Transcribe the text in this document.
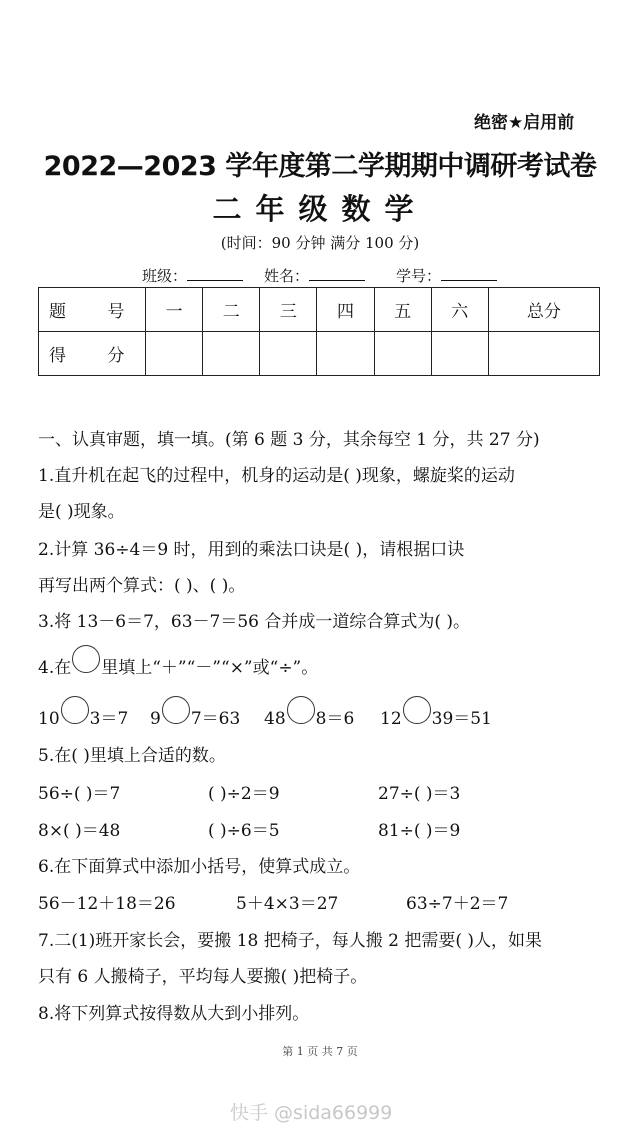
绝密★启用前
2022—2023 学年度第二学期期中调研考试卷
二年级数学
(时间：90 分钟 满分 100 分)
班级：	姓名：	学号：
题 号	一	二	三	四	五	六	总分
得 分							
一、认真审题，填一填。(第 6 题 3 分，其余每空 1 分，共 27 分)
1.直升机在起飞的过程中，机身的运动是( )现象，螺旋桨的运动
是( )现象。
2.计算 36÷4＝9 时，用到的乘法口诀是( )，请根据口诀
再写出两个算式：( )、( )。
3.将 13－6＝7，63－7＝56 合并成一道综合算式为( )。
4.在 里填上“＋”“－”“×”或“÷”。
10 3＝7 9 7＝63 48 8＝6 12 39＝51
5.在( )里填上合适的数。
56÷( )＝7	( )÷2＝9	27÷( )＝3
8×( )＝48	( )÷6＝5	81÷( )＝9
6.在下面算式中添加小括号，使算式成立。
56－12＋18＝26	5＋4×3＝27	63÷7＋2＝7
7.二(1)班开家长会，要搬 18 把椅子，每人搬 2 把需要( )人，如果
只有 6 人搬椅子，平均每人要搬( )把椅子。
8.将下列算式按得数从大到小排列。
第 1 页 共 7 页
快手 @sida66999
